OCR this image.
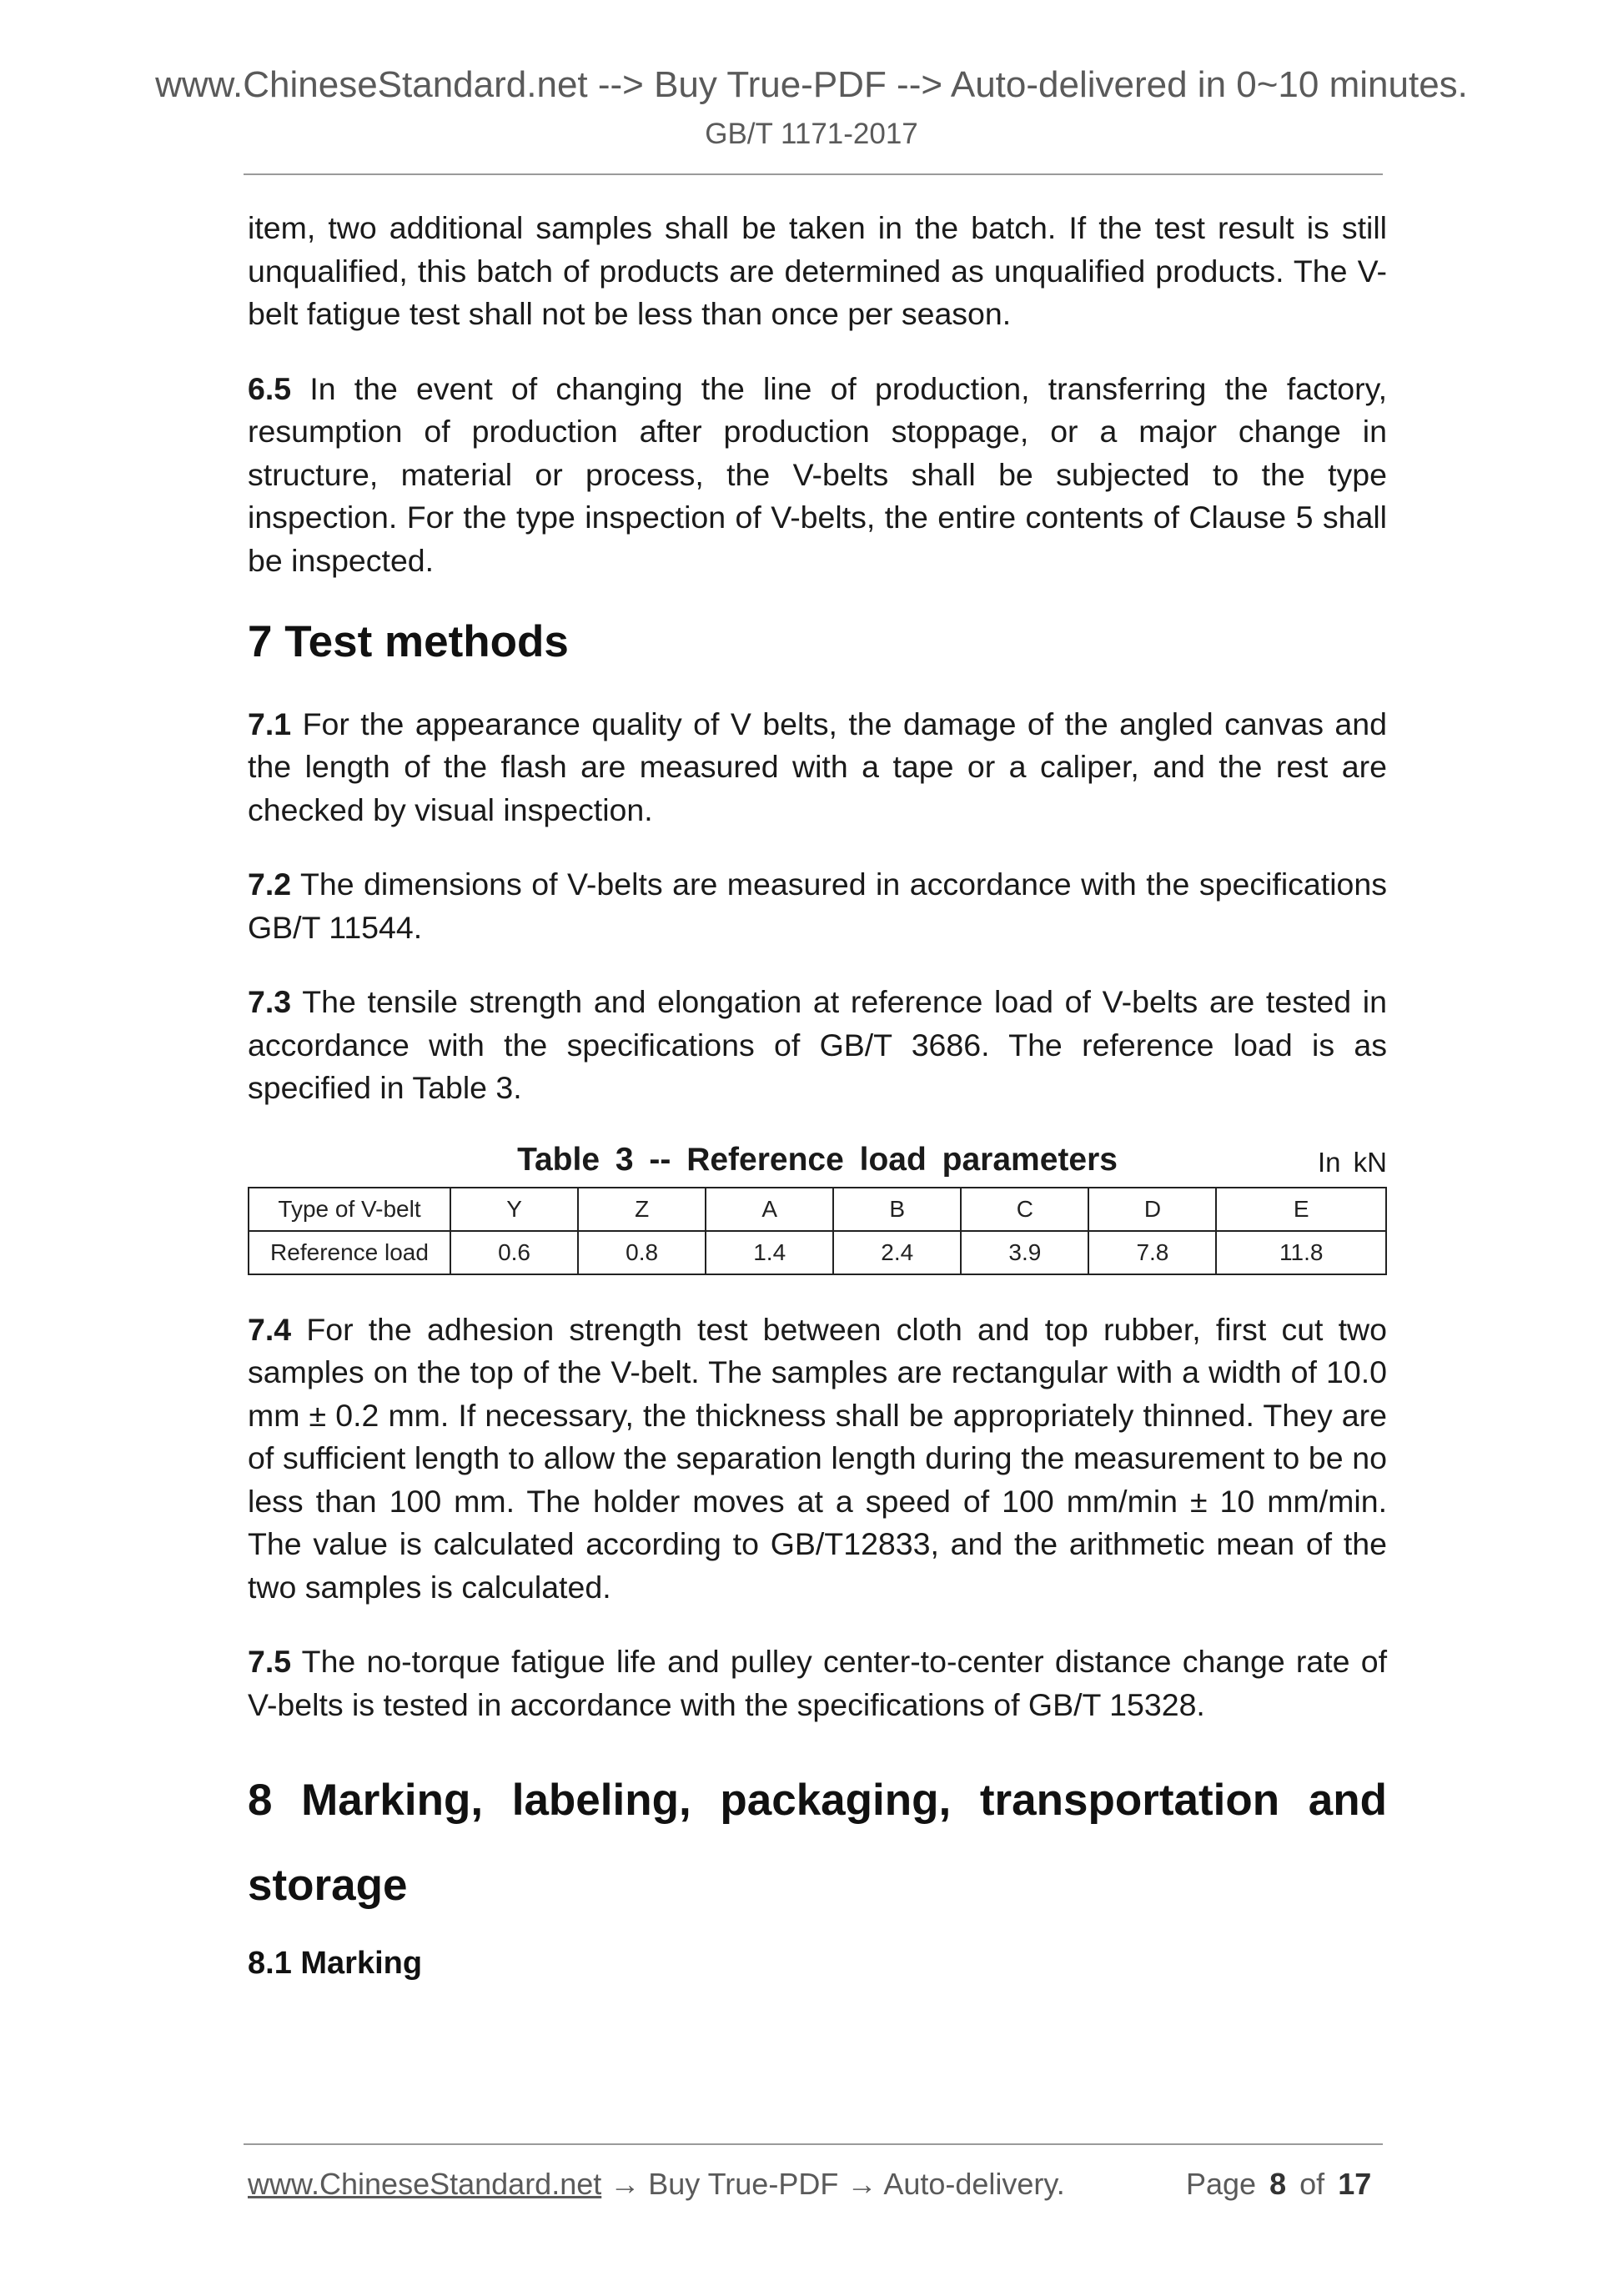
www.ChineseStandard.net --> Buy True-PDF --> Auto-delivered in 0~10 minutes.
GB/T 1171-2017

item, two additional samples shall be taken in the batch. If the test result is still unqualified, this batch of products are determined as unqualified products. The V-belt fatigue test shall not be less than once per season.

6.5 In the event of changing the line of production, transferring the factory, resumption of production after production stoppage, or a major change in structure, material or process, the V-belts shall be subjected to the type inspection. For the type inspection of V-belts, the entire contents of Clause 5 shall be inspected.

7 Test methods

7.1 For the appearance quality of V belts, the damage of the angled canvas and the length of the flash are measured with a tape or a caliper, and the rest are checked by visual inspection.

7.2 The dimensions of V-belts are measured in accordance with the specifications GB/T 11544.

7.3 The tensile strength and elongation at reference load of V-belts are tested in accordance with the specifications of GB/T 3686. The reference load is as specified in Table 3.

Table 3 -- Reference load parameters	In kN
Type of V-belt	Y	Z	A	B	C	D	E
Reference load	0.6	0.8	1.4	2.4	3.9	7.8	11.8

7.4 For the adhesion strength test between cloth and top rubber, first cut two samples on the top of the V-belt. The samples are rectangular with a width of 10.0 mm ± 0.2 mm. If necessary, the thickness shall be appropriately thinned. They are of sufficient length to allow the separation length during the measurement to be no less than 100 mm. The holder moves at a speed of 100 mm/min ± 10 mm/min. The value is calculated according to GB/T12833, and the arithmetic mean of the two samples is calculated.

7.5 The no-torque fatigue life and pulley center-to-center distance change rate of V-belts is tested in accordance with the specifications of GB/T 15328.

8 Marking, labeling, packaging, transportation and storage
8.1 Marking
www.ChineseStandard.net → Buy True-PDF → Auto-delivery.	Page 8 of 17
